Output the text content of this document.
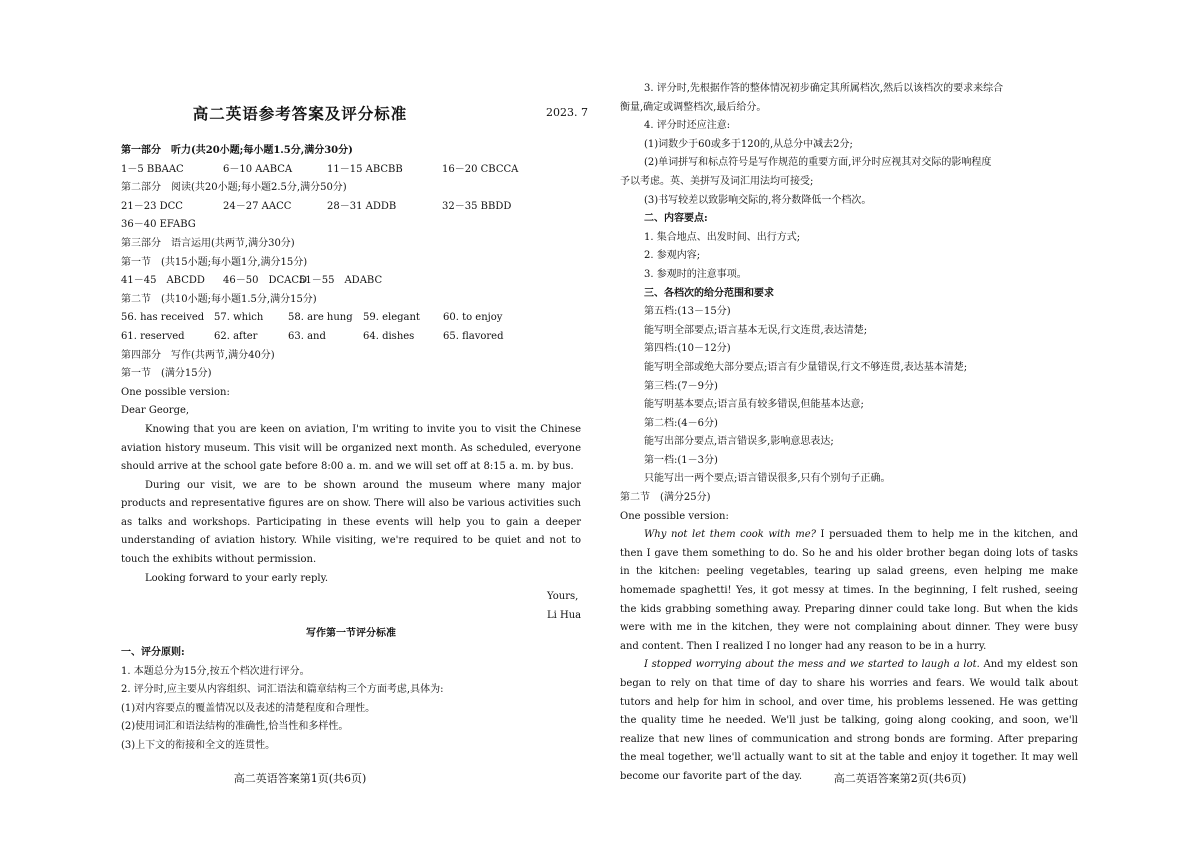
高二英语参考答案及评分标准	2023. 7

第一部分　听力(共20小题;每小题1.5分,满分30分)

1－5 BBAAC	6－10 AABCA	11－15 ABCBB	16－20 CBCCA

第二部分　阅读(共20小题;每小题2.5分,满分50分)

21－23 DCC	24－27 AACC	28－31 ADDB	32－35 BBDD

36－40 EFABG

第三部分　语言运用(共两节,满分30分)

第一节　(共15小题;每小题1分,满分15分)

41－45　ABCDD	46－50　DCACD
51－55　ADABC

第二节　(共10小题;每小题1.5分,满分15分)

56. has received 57. which	58. are hung	59. elegant	60. to enjoy
61. reserved	62. after	63. and	64. dishes	65. flavored

第四部分　写作(共两节,满分40分)

第一节　(满分15分)

One possible version:

Dear George,

Knowing that you are keen on aviation, I'm writing to invite you to visit the Chinese aviation history museum. This visit will be organized next month. As scheduled, everyone should arrive at the school gate before 8:00 a. m. and we will set off at 8:15 a. m. by bus.

During our visit, we are to be shown around the museum where many major products and representative figures are on show. There will also be various activities such as talks and workshops. Participating in these events will help you to gain a deeper understanding of aviation history. While visiting, we're required to be quiet and not to touch the exhibits without permission.

Looking forward to your early reply.

Yours,

Li Hua

写作第一节评分标准

一、评分原则:

1. 本题总分为15分,按五个档次进行评分。

2. 评分时,应主要从内容组织、词汇语法和篇章结构三个方面考虑,具体为:

(1)对内容要点的覆盖情况以及表述的清楚程度和合理性。

(2)使用词汇和语法结构的准确性,恰当性和多样性。

(3)上下文的衔接和全文的连贯性。

高二英语答案第1页(共6页)

3. 评分时,先根据作答的整体情况初步确定其所属档次,然后以该档次的要求来综合

衡量,确定或调整档次,最后给分。

4. 评分时还应注意:

(1)词数少于60或多于120的,从总分中减去2分;

(2)单词拼写和标点符号是写作规范的重要方面,评分时应视其对交际的影响程度

予以考虑。英、美拼写及词汇用法均可接受;

(3)书写较差以致影响交际的,将分数降低一个档次。

二、内容要点:

1. 集合地点、出发时间、出行方式;

2. 参观内容;

3. 参观时的注意事项。

三、各档次的给分范围和要求

第五档:(13－15分)

能写明全部要点;语言基本无误,行文连贯,表达清楚;

第四档:(10－12分)

能写明全部或绝大部分要点;语言有少量错误,行文不够连贯,表达基本清楚;

第三档:(7－9分)

能写明基本要点;语言虽有较多错误,但能基本达意;

第二档:(4－6分)

能写出部分要点,语言错误多,影响意思表达;

第一档:(1－3分)

只能写出一两个要点;语言错误很多,只有个别句子正确。

第二节　(满分25分)

One possible version:

Why not let them cook with me? I persuaded them to help me in the kitchen, and then I gave them something to do. So he and his older brother began doing lots of tasks in the kitchen: peeling vegetables, tearing up salad greens, even helping me make homemade spaghetti! Yes, it got messy at times. In the beginning, I felt rushed, seeing the kids grabbing something away. Preparing dinner could take long. But when the kids were with me in the kitchen, they were not complaining about dinner. They were busy and content. Then I realized I no longer had any reason to be in a hurry.

I stopped worrying about the mess and we started to laugh a lot. And my eldest son began to rely on that time of day to share his worries and fears. We would talk about tutors and help for him in school, and over time, his problems lessened. He was getting the quality time he needed. We'll just be talking, going along cooking, and soon, we'll realize that new lines of communication and strong bonds are forming. After preparing the meal together, we'll actually want to sit at the table and enjoy it together. It may well become our favorite part of the day.	高二英语答案第2页(共6页)
